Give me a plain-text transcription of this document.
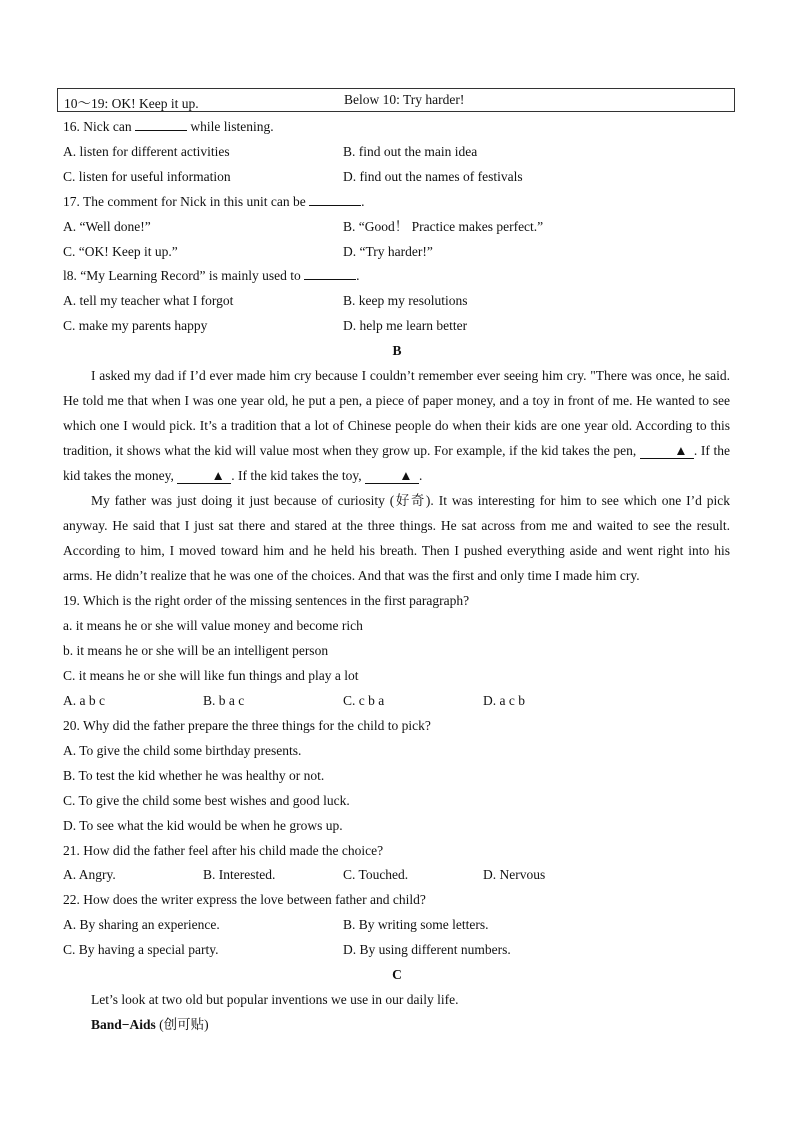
10～19: OK! Keep it up.	Below 10: Try harder!
16. Nick can	while listening.
A. listen for different activities	B. find out the main idea
C. listen for useful information	D. find out the names of festivals
17. The comment for Nick in this unit can be	.
A. “Well done!”	B. “Good！ Practice makes perfect.”
C. “OK! Keep it up.”	D. “Try harder!”
l8. “My Learning Record” is mainly used to	.
A. tell my teacher what I forgot	B. keep my resolutions
C. make my parents happy	D. help me learn better
B

I asked my dad if I’d ever made him cry because I couldn’t remember ever seeing him cry. "There was once, he said. He told me that when I was one year old, he put a pen, a piece of paper money, and a toy in front of me. He wanted to see which one I would pick. It’s a tradition that a lot of Chinese people do when their kids are one year old. According to this tradition, it shows what the kid will value most when they grow up. For example, if the kid takes the pen,	▲ . If the kid takes the money,	▲ . If the kid takes the toy,	▲ .

My father was just doing it just because of curiosity (好奇). It was interesting for him to see which one I’d pick anyway. He said that I just sat there and stared at the three things. He sat across from me and waited to see the result. According to him, I moved toward him and he held his breath. Then I pushed everything aside and went right into his arms. He didn’t realize that he was one of the choices. And that was the first and only time I made him cry.

19. Which is the right order of the missing sentences in the first paragraph?
a. it means he or she will value money and become rich
b. it means he or she will be an intelligent person
C. it means he or she will like fun things and play a lot
A. a b c	B. b a c	C. c b a	D. a c b
20. Why did the father prepare the three things for the child to pick?
A. To give the child some birthday presents.
B. To test the kid whether he was healthy or not.
C. To give the child some best wishes and good luck.
D. To see what the kid would be when he grows up.
21. How did the father feel after his child made the choice?
A. Angry.	B. Interested.	C. Touched.	D. Nervous
22. How does the writer express the love between father and child?
A. By sharing an experience.	B. By writing some letters.
C. By having a special party.	D. By using different numbers.
C
Let’s look at two old but popular inventions we use in our daily life.
Band−Aids (创可贴)
